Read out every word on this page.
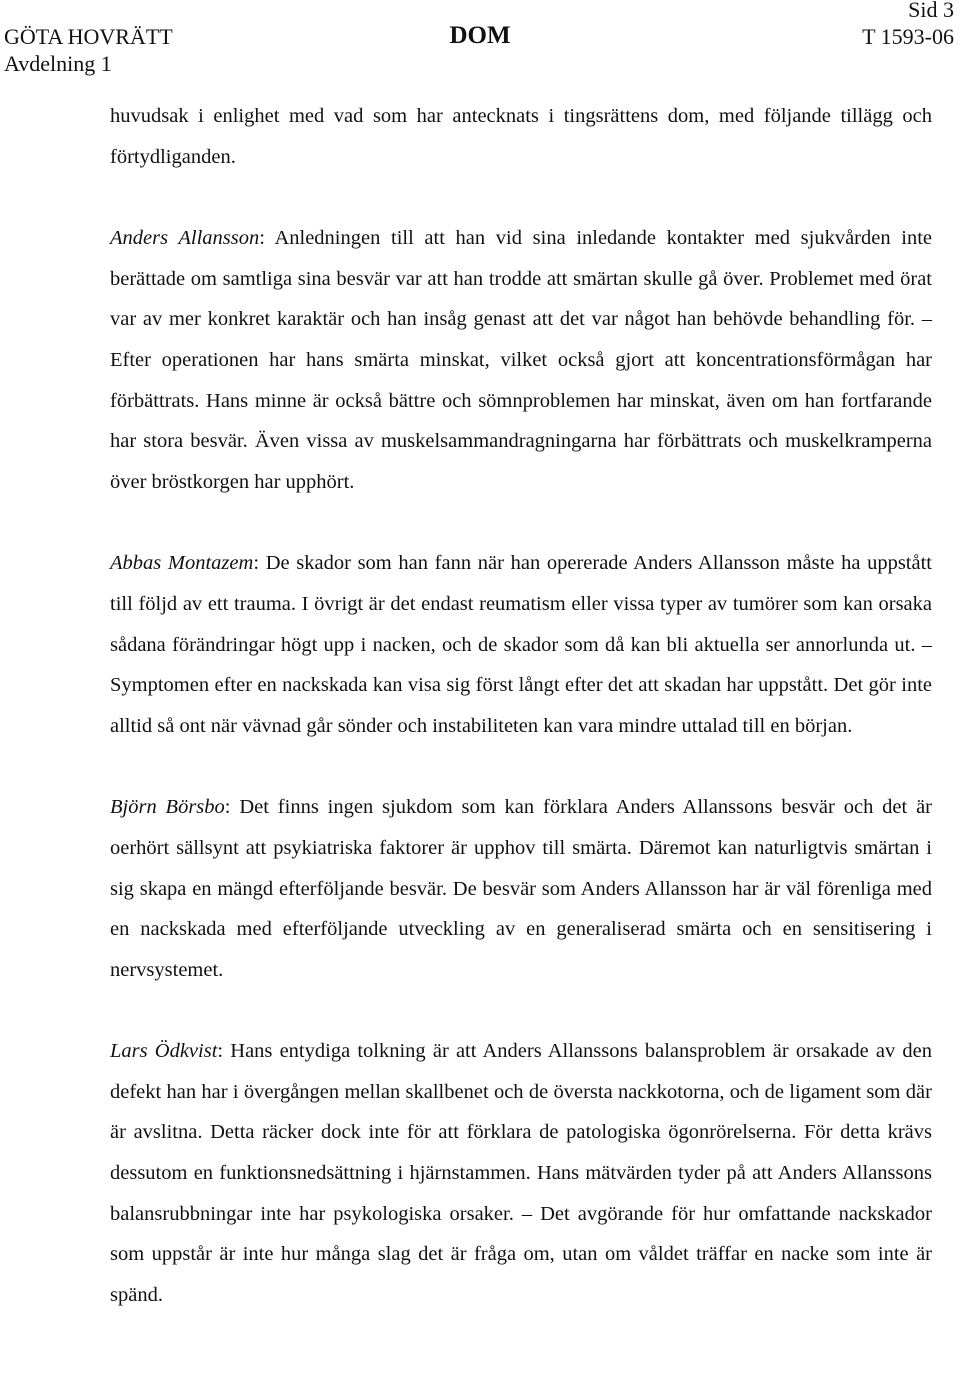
GÖTA HOVRÄTT
Avdelning 1
DOM
Sid 3
T 1593-06

huvudsak i enlighet med vad som har antecknats i tingsrättens dom, med följande tillägg och förtydliganden.

Anders Allansson: Anledningen till att han vid sina inledande kontakter med sjukvården inte berättade om samtliga sina besvär var att han trodde att smärtan skulle gå över. Problemet med örat var av mer konkret karaktär och han insåg genast att det var något han behövde behandling för. – Efter operationen har hans smärta minskat, vilket också gjort att koncentrationsförmågan har förbättrats. Hans minne är också bättre och sömnproblemen har minskat, även om han fortfarande har stora besvär. Även vissa av muskelsammandragningarna har förbättrats och muskelkramperna över bröstkorgen har upphört.

Abbas Montazem: De skador som han fann när han opererade Anders Allansson måste ha uppstått till följd av ett trauma. I övrigt är det endast reumatism eller vissa typer av tumörer som kan orsaka sådana förändringar högt upp i nacken, och de skador som då kan bli aktuella ser annorlunda ut. – Symptomen efter en nackskada kan visa sig först långt efter det att skadan har uppstått. Det gör inte alltid så ont när vävnad går sönder och instabiliteten kan vara mindre uttalad till en början.

Björn Börsbo: Det finns ingen sjukdom som kan förklara Anders Allanssons besvär och det är oerhört sällsynt att psykiatriska faktorer är upphov till smärta. Däremot kan naturligtvis smärtan i sig skapa en mängd efterföljande besvär. De besvär som Anders Allansson har är väl förenliga med en nackskada med efterföljande utveckling av en generaliserad smärta och en sensitisering i nervsystemet.

Lars Ödkvist: Hans entydiga tolkning är att Anders Allanssons balansproblem är orsakade av den defekt han har i övergången mellan skallbenet och de översta nackkotorna, och de ligament som där är avslitna. Detta räcker dock inte för att förklara de patologiska ögonrörelserna. För detta krävs dessutom en funktionsnedsättning i hjärnstammen. Hans mätvärden tyder på att Anders Allanssons balansrubbningar inte har psykologiska orsaker. – Det avgörande för hur omfattande nackskador som uppstår är inte hur många slag det är fråga om, utan om våldet träffar en nacke som inte är spänd.
